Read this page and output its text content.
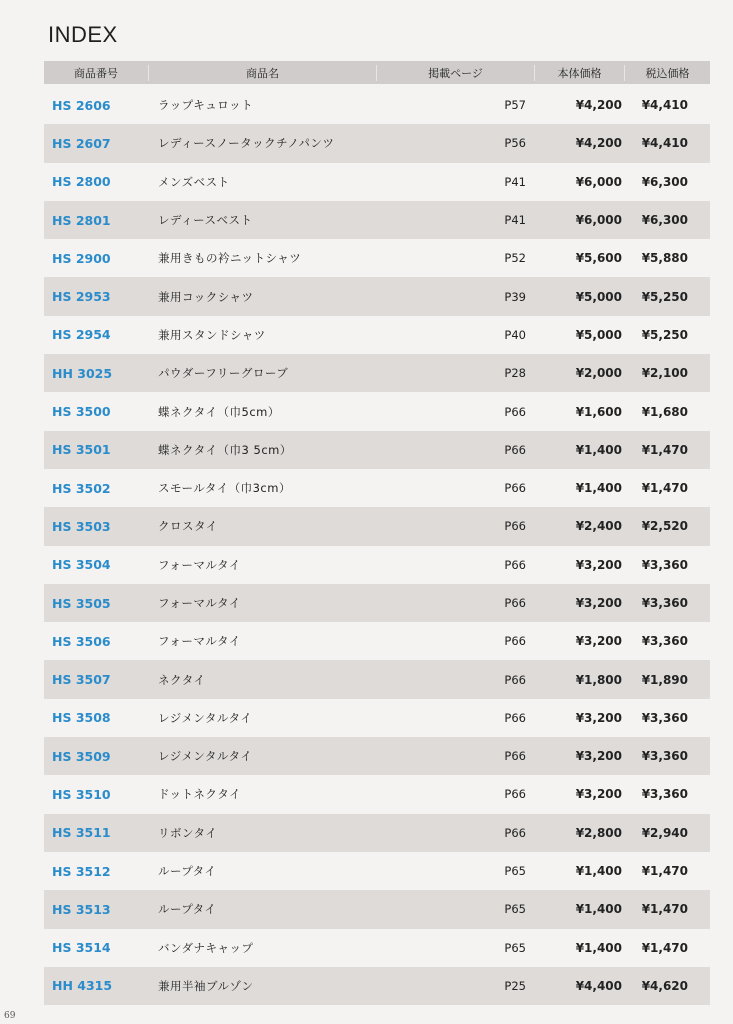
INDEX
商品番号	商品名	掲載ページ	本体価格	税込価格
HS 2606	ラップキュロット	P57	¥4,200	¥4,410
HS 2607	レディースノータックチノパンツ	P56	¥4,200	¥4,410
HS 2800	メンズベスト	P41	¥6,000	¥6,300
HS 2801	レディースベスト	P41	¥6,000	¥6,300
HS 2900	兼用きもの衿ニットシャツ	P52	¥5,600	¥5,880
HS 2953	兼用コックシャツ	P39	¥5,000	¥5,250
HS 2954	兼用スタンドシャツ	P40	¥5,000	¥5,250
HH 3025	パウダーフリーグローブ	P28	¥2,000	¥2,100
HS 3500	蝶ネクタイ（巾5cm）	P66	¥1,600	¥1,680
HS 3501	蝶ネクタイ（巾3 5cm）	P66	¥1,400	¥1,470
HS 3502	スモールタイ（巾3cm）	P66	¥1,400	¥1,470
HS 3503	クロスタイ	P66	¥2,400	¥2,520
HS 3504	フォーマルタイ	P66	¥3,200	¥3,360
HS 3505	フォーマルタイ	P66	¥3,200	¥3,360
HS 3506	フォーマルタイ	P66	¥3,200	¥3,360
HS 3507	ネクタイ	P66	¥1,800	¥1,890
HS 3508	レジメンタルタイ	P66	¥3,200	¥3,360
HS 3509	レジメンタルタイ	P66	¥3,200	¥3,360
HS 3510	ドットネクタイ	P66	¥3,200	¥3,360
HS 3511	リボンタイ	P66	¥2,800	¥2,940
HS 3512	ループタイ	P65	¥1,400	¥1,470
HS 3513	ループタイ	P65	¥1,400	¥1,470
HS 3514	バンダナキャップ	P65	¥1,400	¥1,470
HH 4315	兼用半袖ブルゾン	P25	¥4,400	¥4,620
69
